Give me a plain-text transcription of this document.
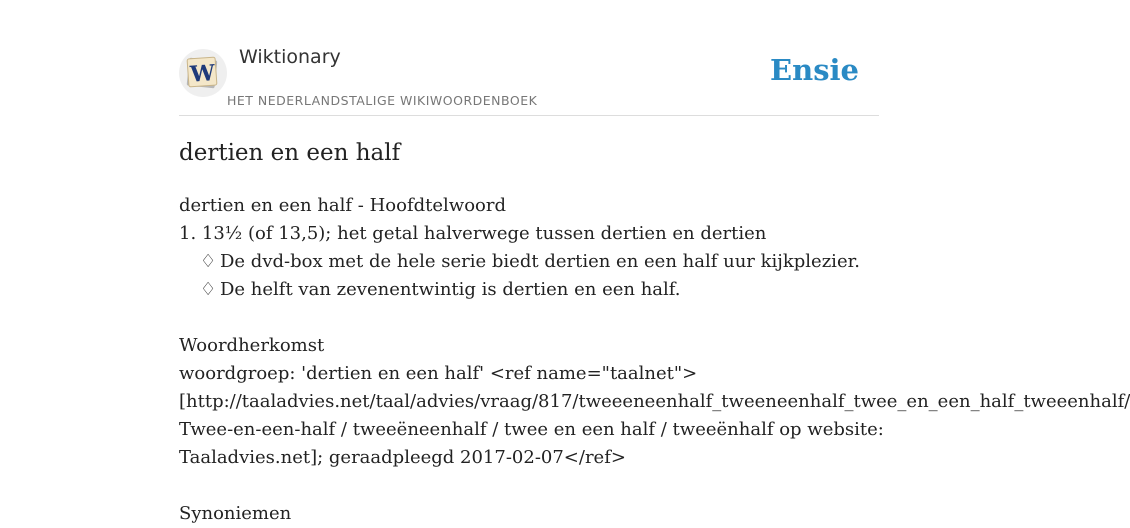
W
Wiktionary
HET NEDERLANDSTALIGE WIKIWOORDENBOEK
Ensie
dertien en een half
dertien en een half - Hoofdtelwoord
1. 13½ (of 13,5); het getal halverwege tussen dertien en dertien
♢ De dvd-box met de hele serie biedt dertien en een half uur kijkplezier.
♢ De helft van zevenentwintig is dertien en een half.
Woordherkomst
woordgroep: 'dertien en een half' <ref name="taalnet">
[http://taaladvies.net/taal/advies/vraag/817/tweeeneenhalf_tweeneenhalf_twee_en_een_half_tweeenhalf/
Twee-en-een-half / tweeëneenhalf / twee en een half / tweeënhalf op website:
Taaladvies.net]; geraadpleegd 2017-02-07</ref>
Synoniemen
